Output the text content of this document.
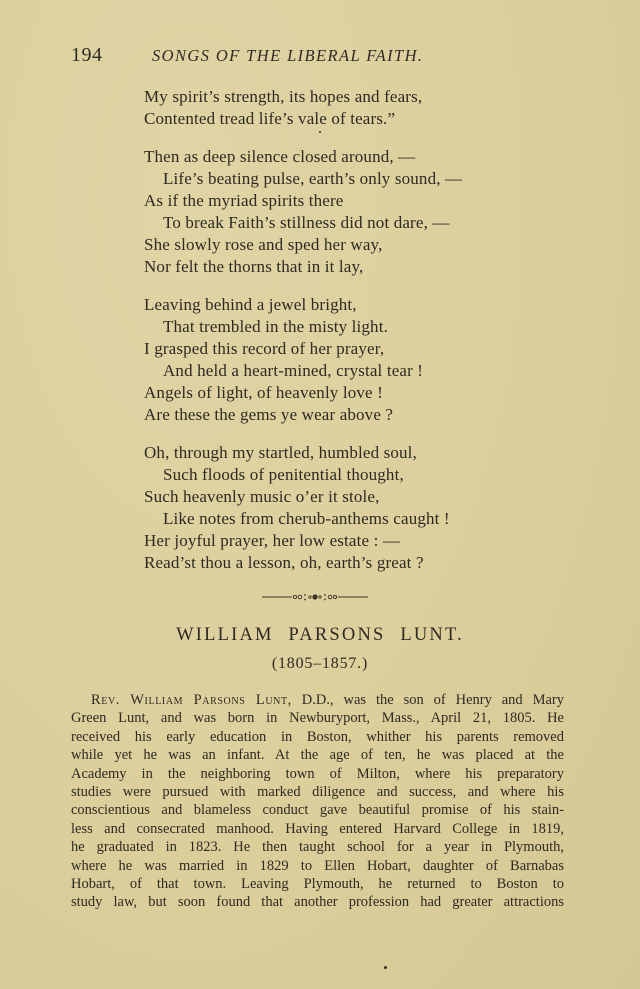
194	SONGS OF THE LIBERAL FAITH.
My spirit’s strength, its hopes and fears,
Contented tread life’s vale of tears.”
Then as deep silence closed around, —
Life’s beating pulse, earth’s only sound, —
As if the myriad spirits there
To break Faith’s stillness did not dare, —
She slowly rose and sped her way,
Nor felt the thorns that in it lay,
Leaving behind a jewel bright,
That trembled in the misty light.
I grasped this record of her prayer,
And held a heart-mined, crystal tear !
Angels of light, of heavenly love !
Are these the gems ye wear above ?
Oh, through my startled, humbled soul,
Such floods of penitential thought,
Such heavenly music o’er it stole,
Like notes from cherub-anthems caught !
Her joyful prayer, her low estate : —
Read’st thou a lesson, oh, earth’s great ?
WILLIAM PARSONS LUNT.
(1805–1857.)
Rev. William Parsons Lunt, D.D., was the son of Henry and Mary
Green Lunt, and was born in Newburyport, Mass., April 21, 1805. He
received his early education in Boston, whither his parents removed
while yet he was an infant. At the age of ten, he was placed at the
Academy in the neighboring town of Milton, where his preparatory
studies were pursued with marked diligence and success, and where his
conscientious and blameless conduct gave beautiful promise of his stain-
less and consecrated manhood. Having entered Harvard College in 1819,
he graduated in 1823. He then taught school for a year in Plymouth,
where he was married in 1829 to Ellen Hobart, daughter of Barnabas
Hobart, of that town. Leaving Plymouth, he returned to Boston to
study law, but soon found that another profession had greater attractions
